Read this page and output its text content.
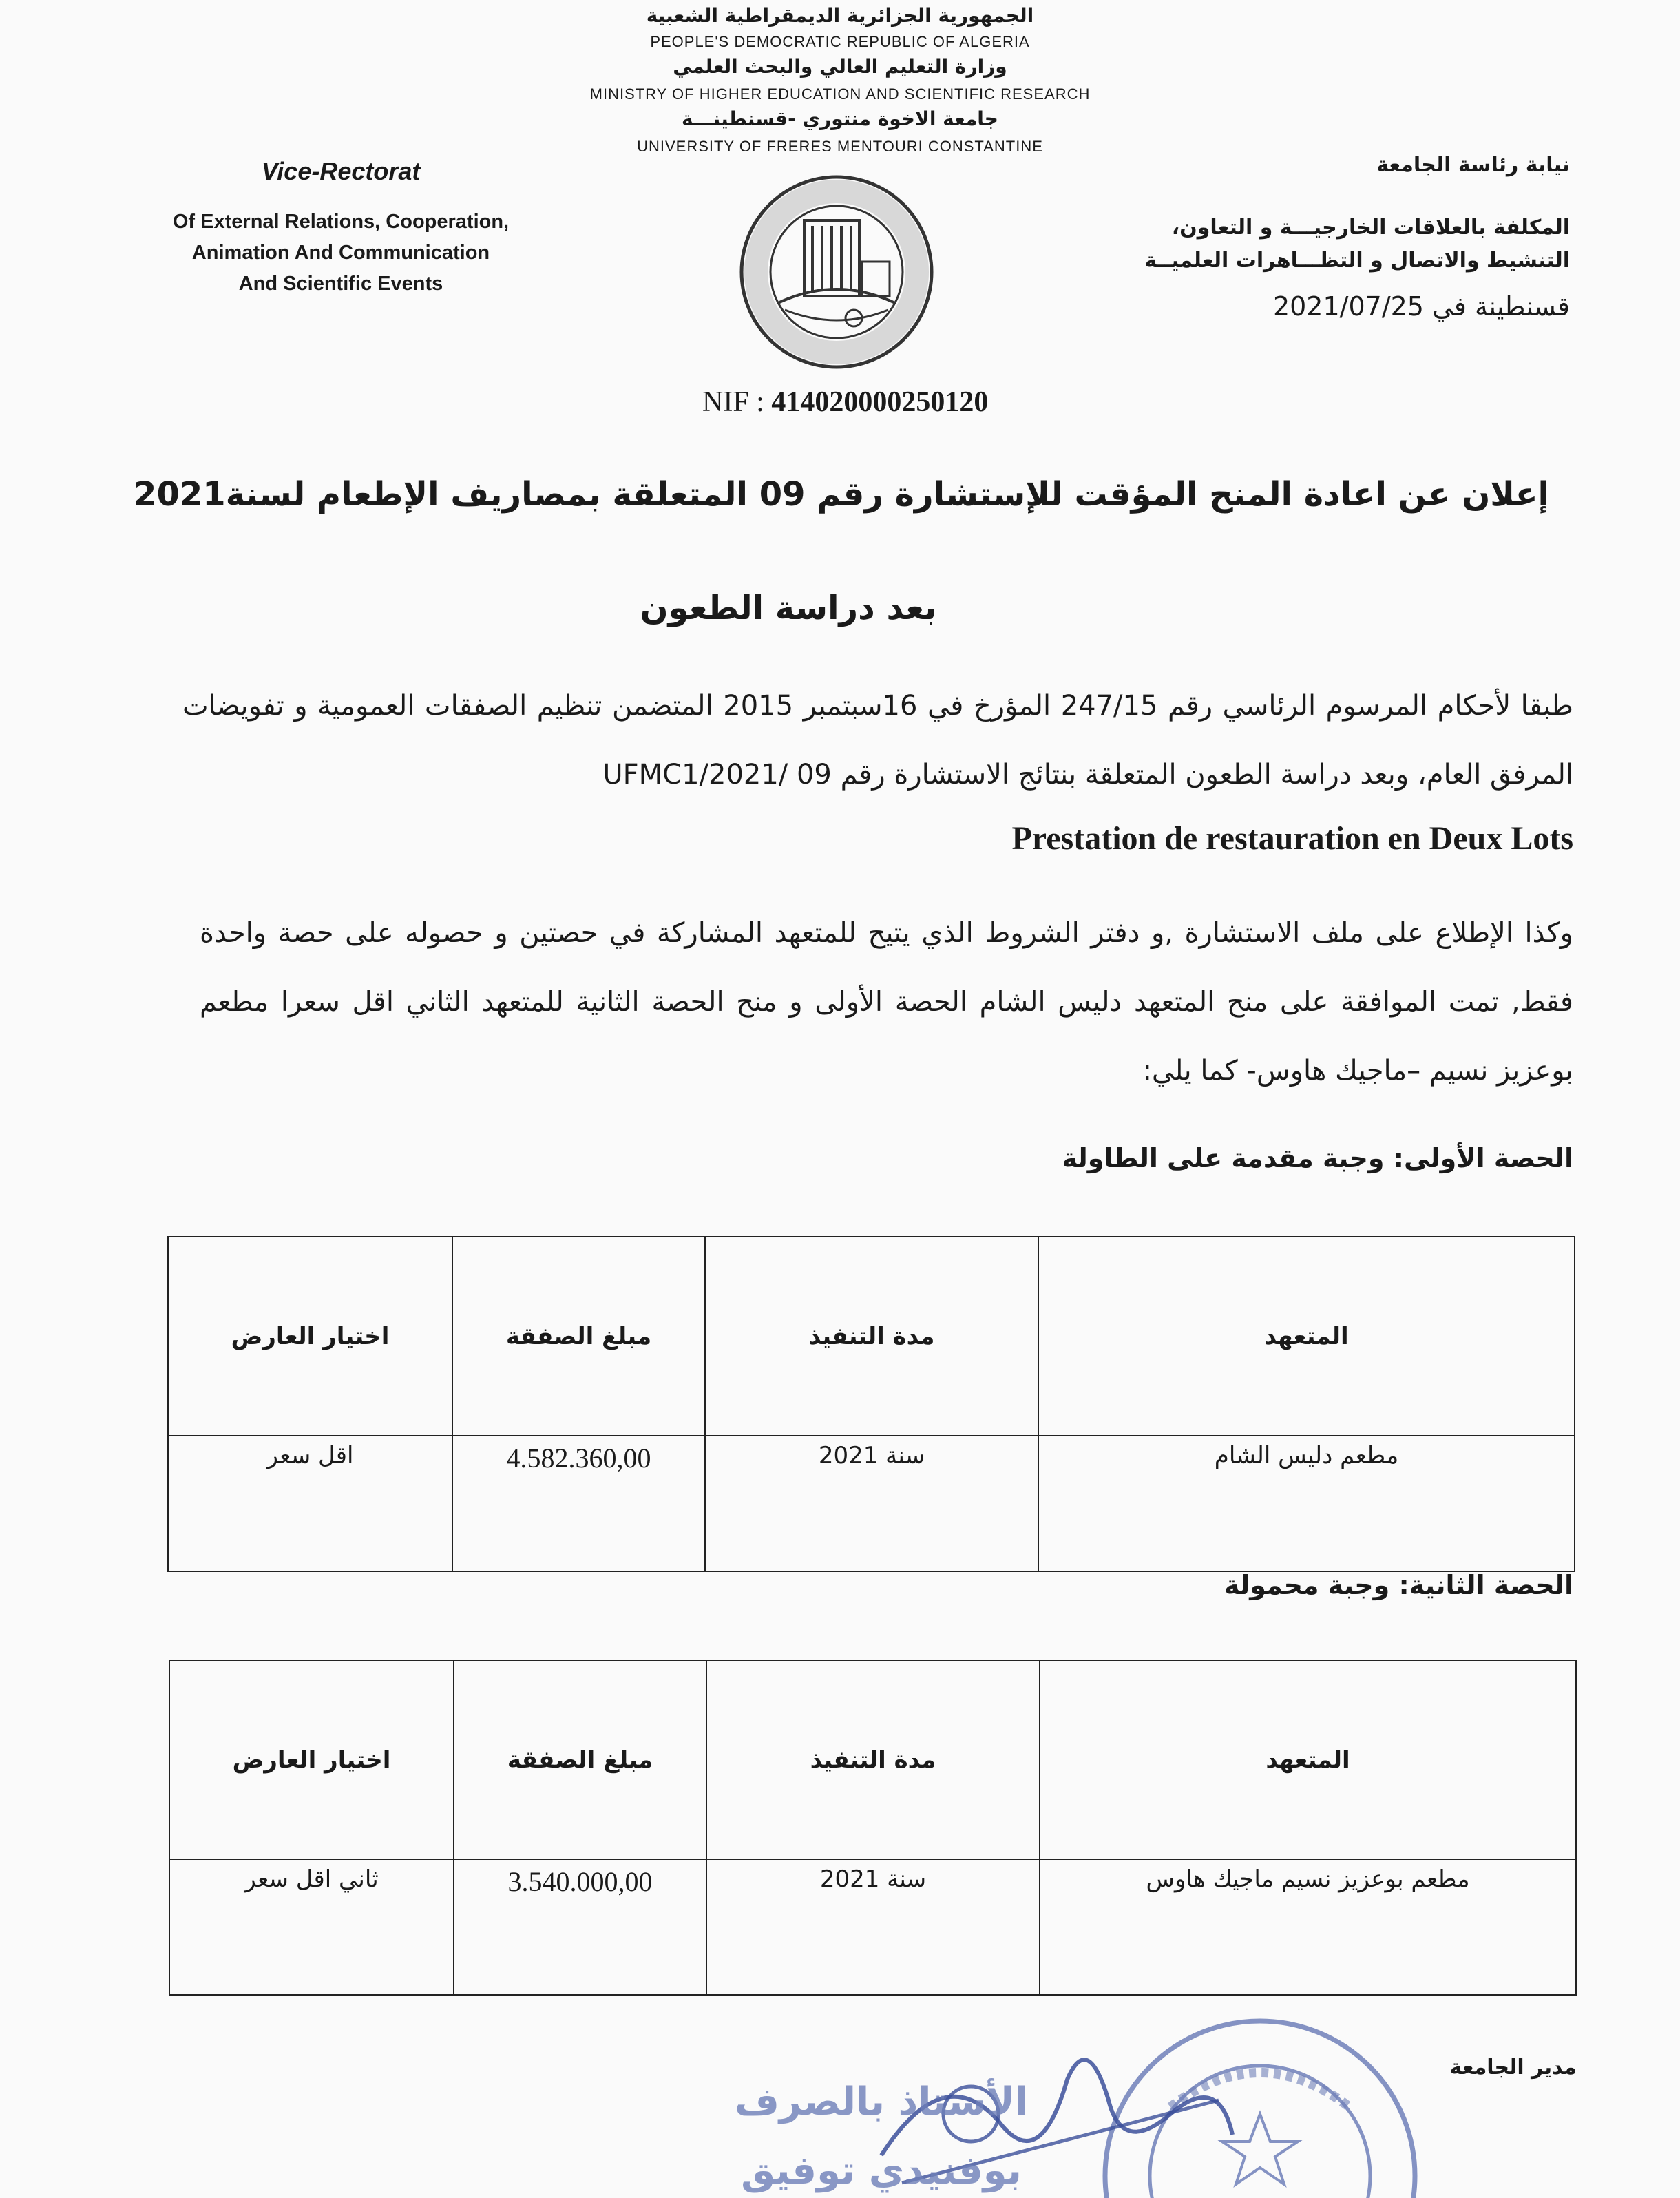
الجمهورية الجزائرية الديمقراطية الشعبية
PEOPLE'S DEMOCRATIC REPUBLIC OF ALGERIA
وزارة التعليم العالي والبحث العلمي
MINISTRY OF HIGHER EDUCATION AND SCIENTIFIC RESEARCH
جامعة الاخوة منتوري -قسنطينـــة
UNIVERSITY OF FRERES MENTOURI CONSTANTINE
Vice-Rectorat
Of External Relations, Cooperation,
Animation And Communication
And Scientific Events
نيابة رئاسة الجامعة
المكلفة بالعلاقات الخارجيـــة و التعاون،
التنشيط والاتصال و التظـــاهرات العلميــة
قسنطينة في 2021/07/25
NIF : 414020000250120
إعلان عن اعادة المنح المؤقت للإستشارة رقم 09 المتعلقة بمصاريف الإطعام لسنة2021
بعد دراسة الطعون
طبقا لأحكام المرسوم الرئاسي رقم 247/15 المؤرخ في 16سبتمبر 2015 المتضمن تنظيم الصفقات العمومية و تفويضات المرفق العام، وبعد دراسة الطعون المتعلقة بنتائج الاستشارة رقم UFMC1/2021/ 09
Prestation de restauration en Deux Lots
وكذا الإطلاع على ملف الاستشارة ,و دفتر الشروط الذي يتيح للمتعهد المشاركة في حصتين و حصوله على حصة واحدة فقط, تمت الموافقة على منح المتعهد دليس الشام الحصة الأولى و منح الحصة الثانية للمتعهد الثاني اقل سعرا مطعم بوعزيز نسيم –ماجيك هاوس- كما يلي:
الحصة الأولى: وجبة مقدمة على الطاولة
المتعهد	مدة التنفيذ	مبلغ الصفقة	اختيار العارض
مطعم دليس الشام	سنة 2021	4.582.360,00	اقل سعر
الحصة الثانية: وجبة محمولة
المتعهد	مدة التنفيذ	مبلغ الصفقة	اختيار العارض
مطعم بوعزيز نسيم ماجيك هاوس	سنة 2021	3.540.000,00	ثاني اقل سعر
مدير الجامعة
الأستاذ بالصرف
بوفنيدي توفيق
